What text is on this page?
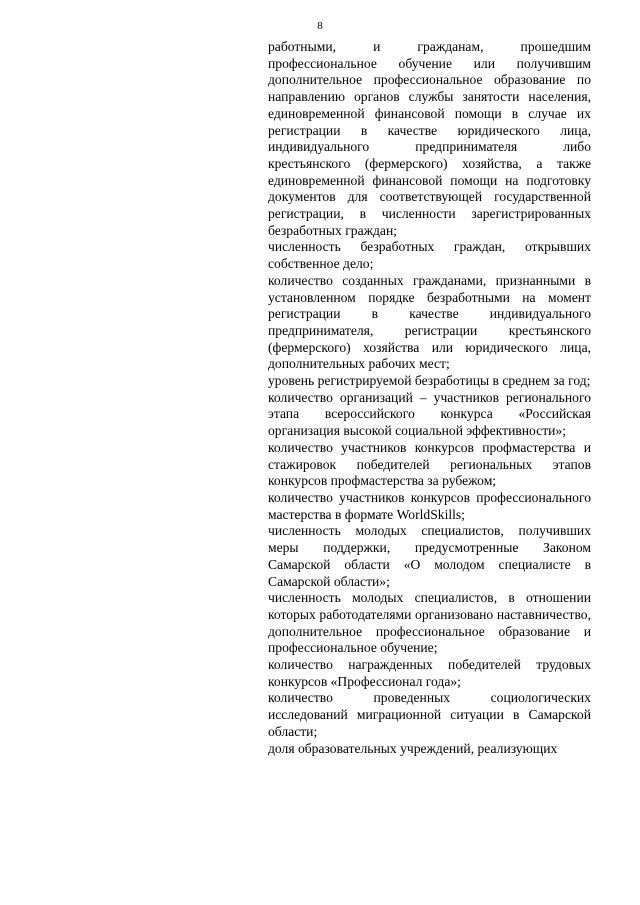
8

работными, и гражданам, прошедшим профессиональное обучение или получившим дополнительное профессиональное образование по направлению органов службы занятости населения, единовременной финансовой помощи в случае их регистрации в качестве юридического лица, индивидуального предпринимателя либо крестьянского (фермерского) хозяйства, а также единовременной финансовой помощи на подготовку документов для соответствующей государственной регистрации, в численности зарегистрированных безработных граждан;

численность безработных граждан, открывших собственное дело;

количество созданных гражданами, признанными в установленном порядке безработными на момент регистрации в качестве индивидуального предпринимателя, регистрации крестьянского (фермерского) хозяйства или юридического лица, дополнительных рабочих мест;

уровень регистрируемой безработицы в среднем за год;

количество организаций – участников регионального этапа всероссийского конкурса «Российская организация высокой социальной эффективности»;

количество участников конкурсов профмастерства и стажировок победителей региональных этапов конкурсов профмастерства за рубежом;

количество участников конкурсов профессионального мастерства в формате WorldSkills;

численность молодых специалистов, получивших меры поддержки, предусмотренные Законом Самарской области «О молодом специалисте в Самарской области»;

численность молодых специалистов, в отношении которых работодателями организовано наставничество, дополнительное профессиональное образование и профессиональное обучение;

количество награжденных победителей трудовых конкурсов «Профессионал года»;

количество проведенных социологических исследований миграционной ситуации в Самарской области;

доля образовательных учреждений, реализующих
